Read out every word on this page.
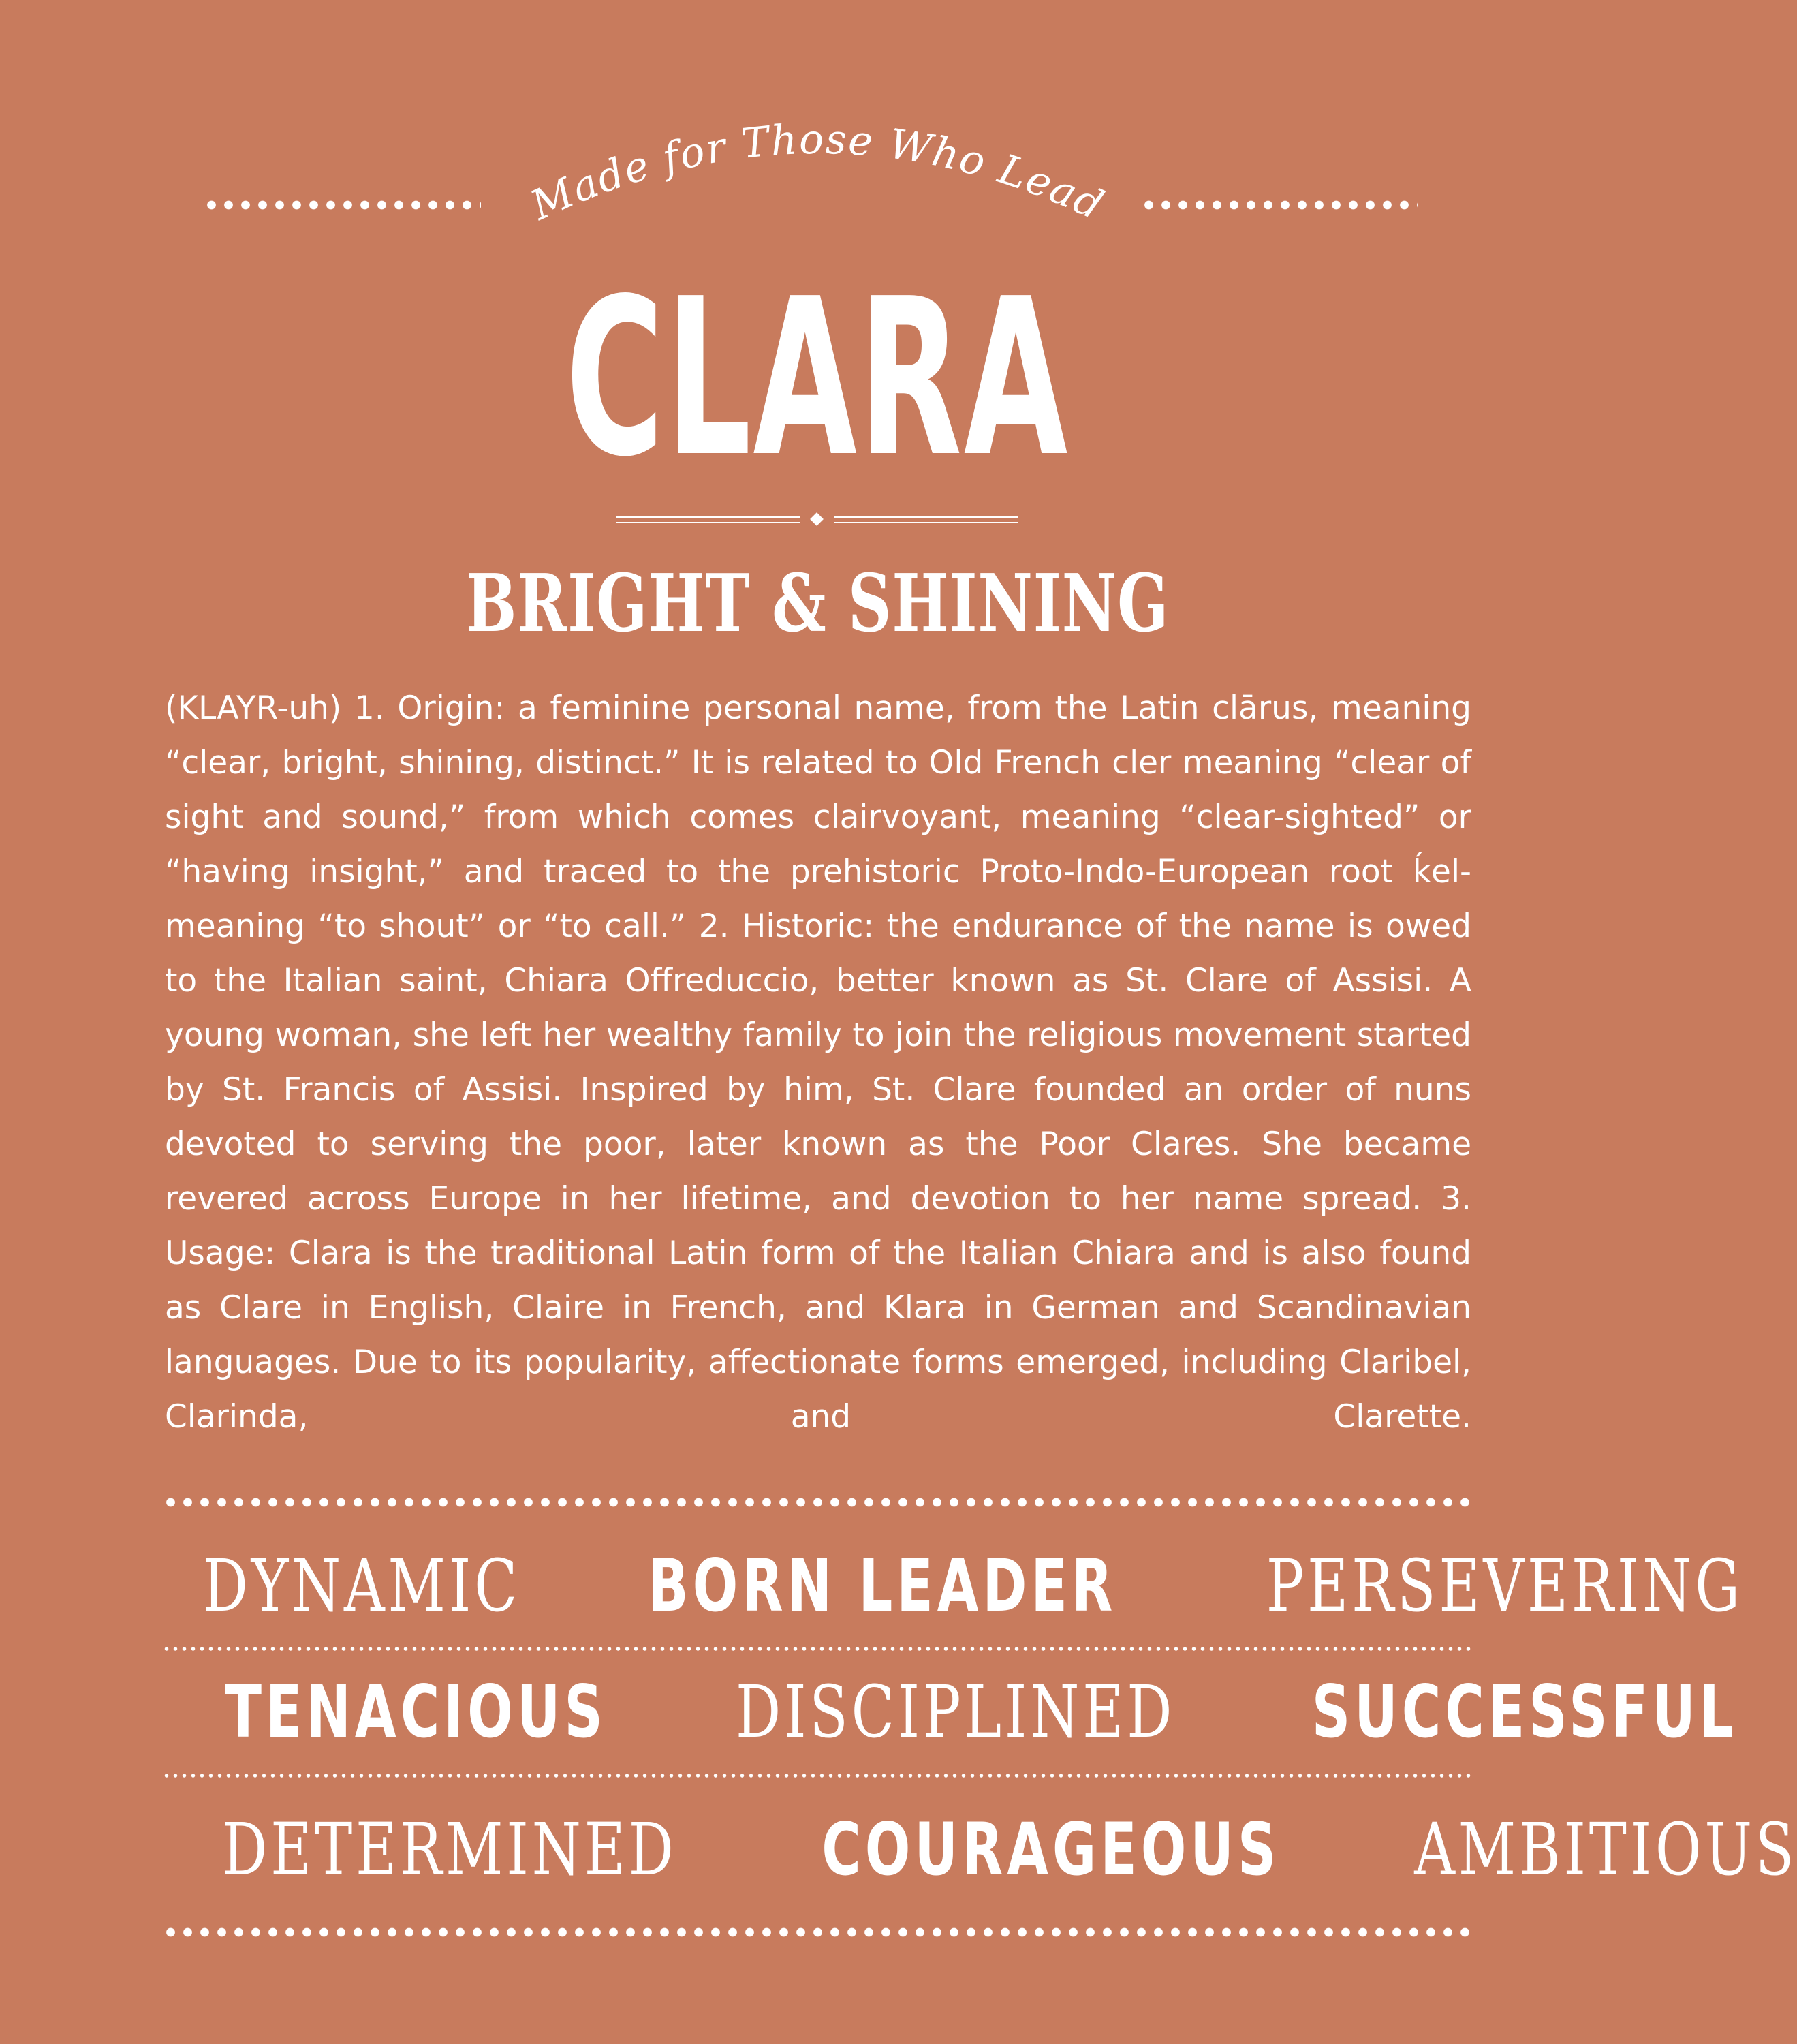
Made for Those Who Lead
CLARA
BRIGHT & SHINING

(KLAYR-uh) 1. Origin: a feminine personal name, from the Latin clārus, meaning “clear, bright, shining, distinct.” It is related to Old French cler meaning “clear of sight and sound,” from which comes clairvoyant, meaning “clear-sighted” or “having insight,” and traced to the prehistoric Proto-Indo-European root ḱel- meaning “to shout” or “to call.” 2. Historic: the endurance of the name is owed to the Italian saint, Chiara Offreduccio, better known as St. Clare of Assisi. A young woman, she left her wealthy family to join the religious movement started by St. Francis of Assisi. Inspired by him, St. Clare founded an order of nuns devoted to serving the poor, later known as the Poor Clares. She became revered across Europe in her lifetime, and devotion to her name spread. 3. Usage: Clara is the traditional Latin form of the Italian Chiara and is also found as Clare in English, Claire in French, and Klara in German and Scandinavian languages. Due to its popularity, affectionate forms emerged, including Claribel, Clarinda, and Clarette.

DYNAMIC BORN LEADER PERSEVERING
TENACIOUS DISCIPLINED SUCCESSFUL
DETERMINED COURAGEOUS AMBITIOUS
